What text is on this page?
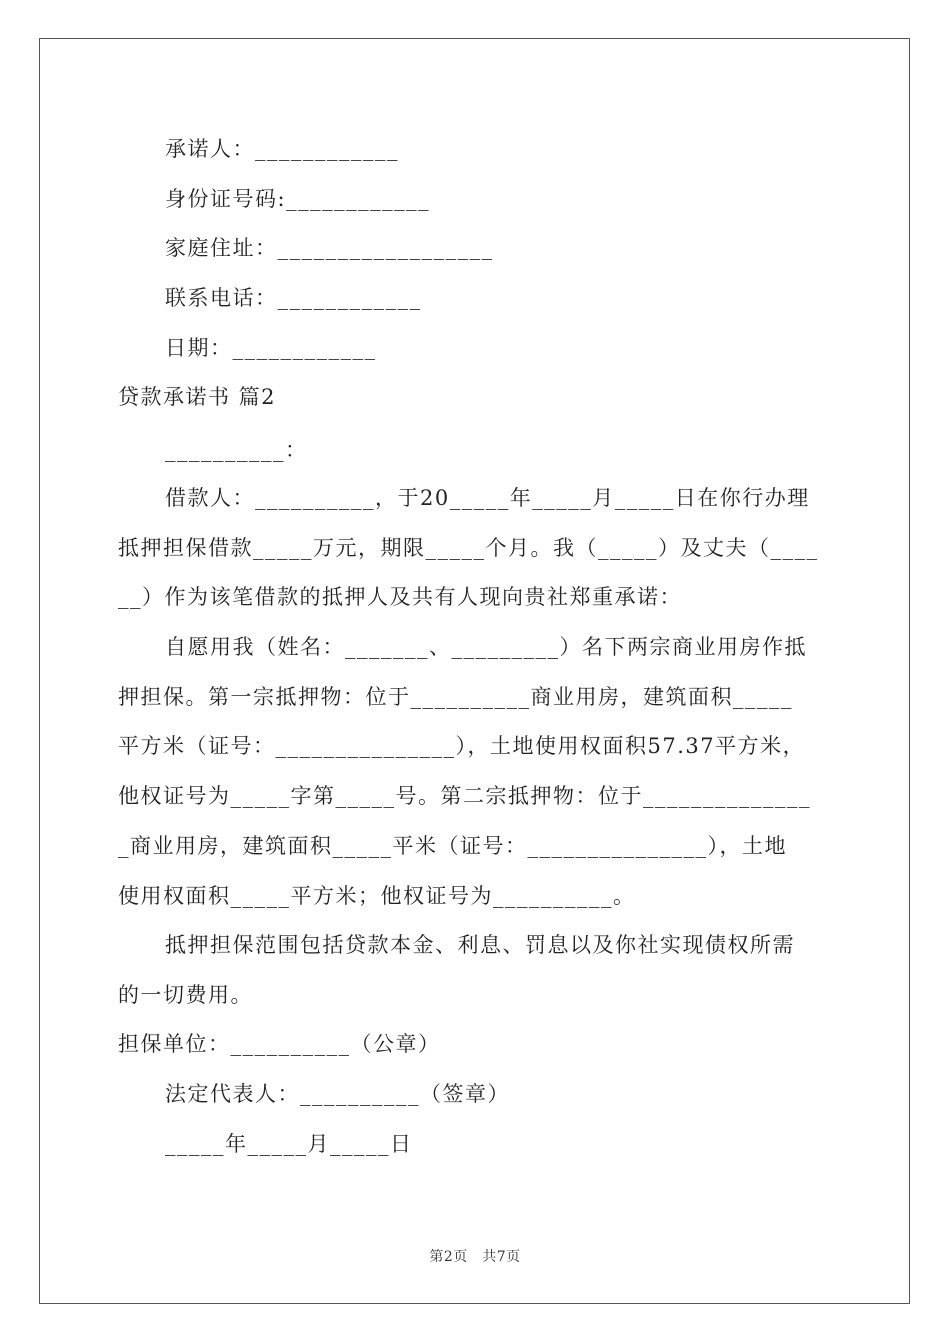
承诺人：____________
身份证号码:____________
家庭住址：__________________
联系电话：____________
日期：____________
贷款承诺书 篇2
__________：
借款人：__________，于20_____年_____月_____日在你行办理
抵押担保借款_____万元，期限_____个月。我（_____）及丈夫（____
__）作为该笔借款的抵押人及共有人现向贵社郑重承诺：
自愿用我（姓名：_______、_________）名下两宗商业用房作抵
押担保。第一宗抵押物：位于__________商业用房，建筑面积_____
平方米（证号：_______________），土地使用权面积57.37平方米，
他权证号为_____字第_____号。第二宗抵押物：位于______________
_商业用房，建筑面积_____平米（证号：_______________），土地
使用权面积_____平方米；他权证号为__________。
抵押担保范围包括贷款本金、利息、罚息以及你社实现债权所需
的一切费用。
担保单位：__________（公章）
法定代表人：__________（签章）
_____年_____月_____日
第2页　共7页
